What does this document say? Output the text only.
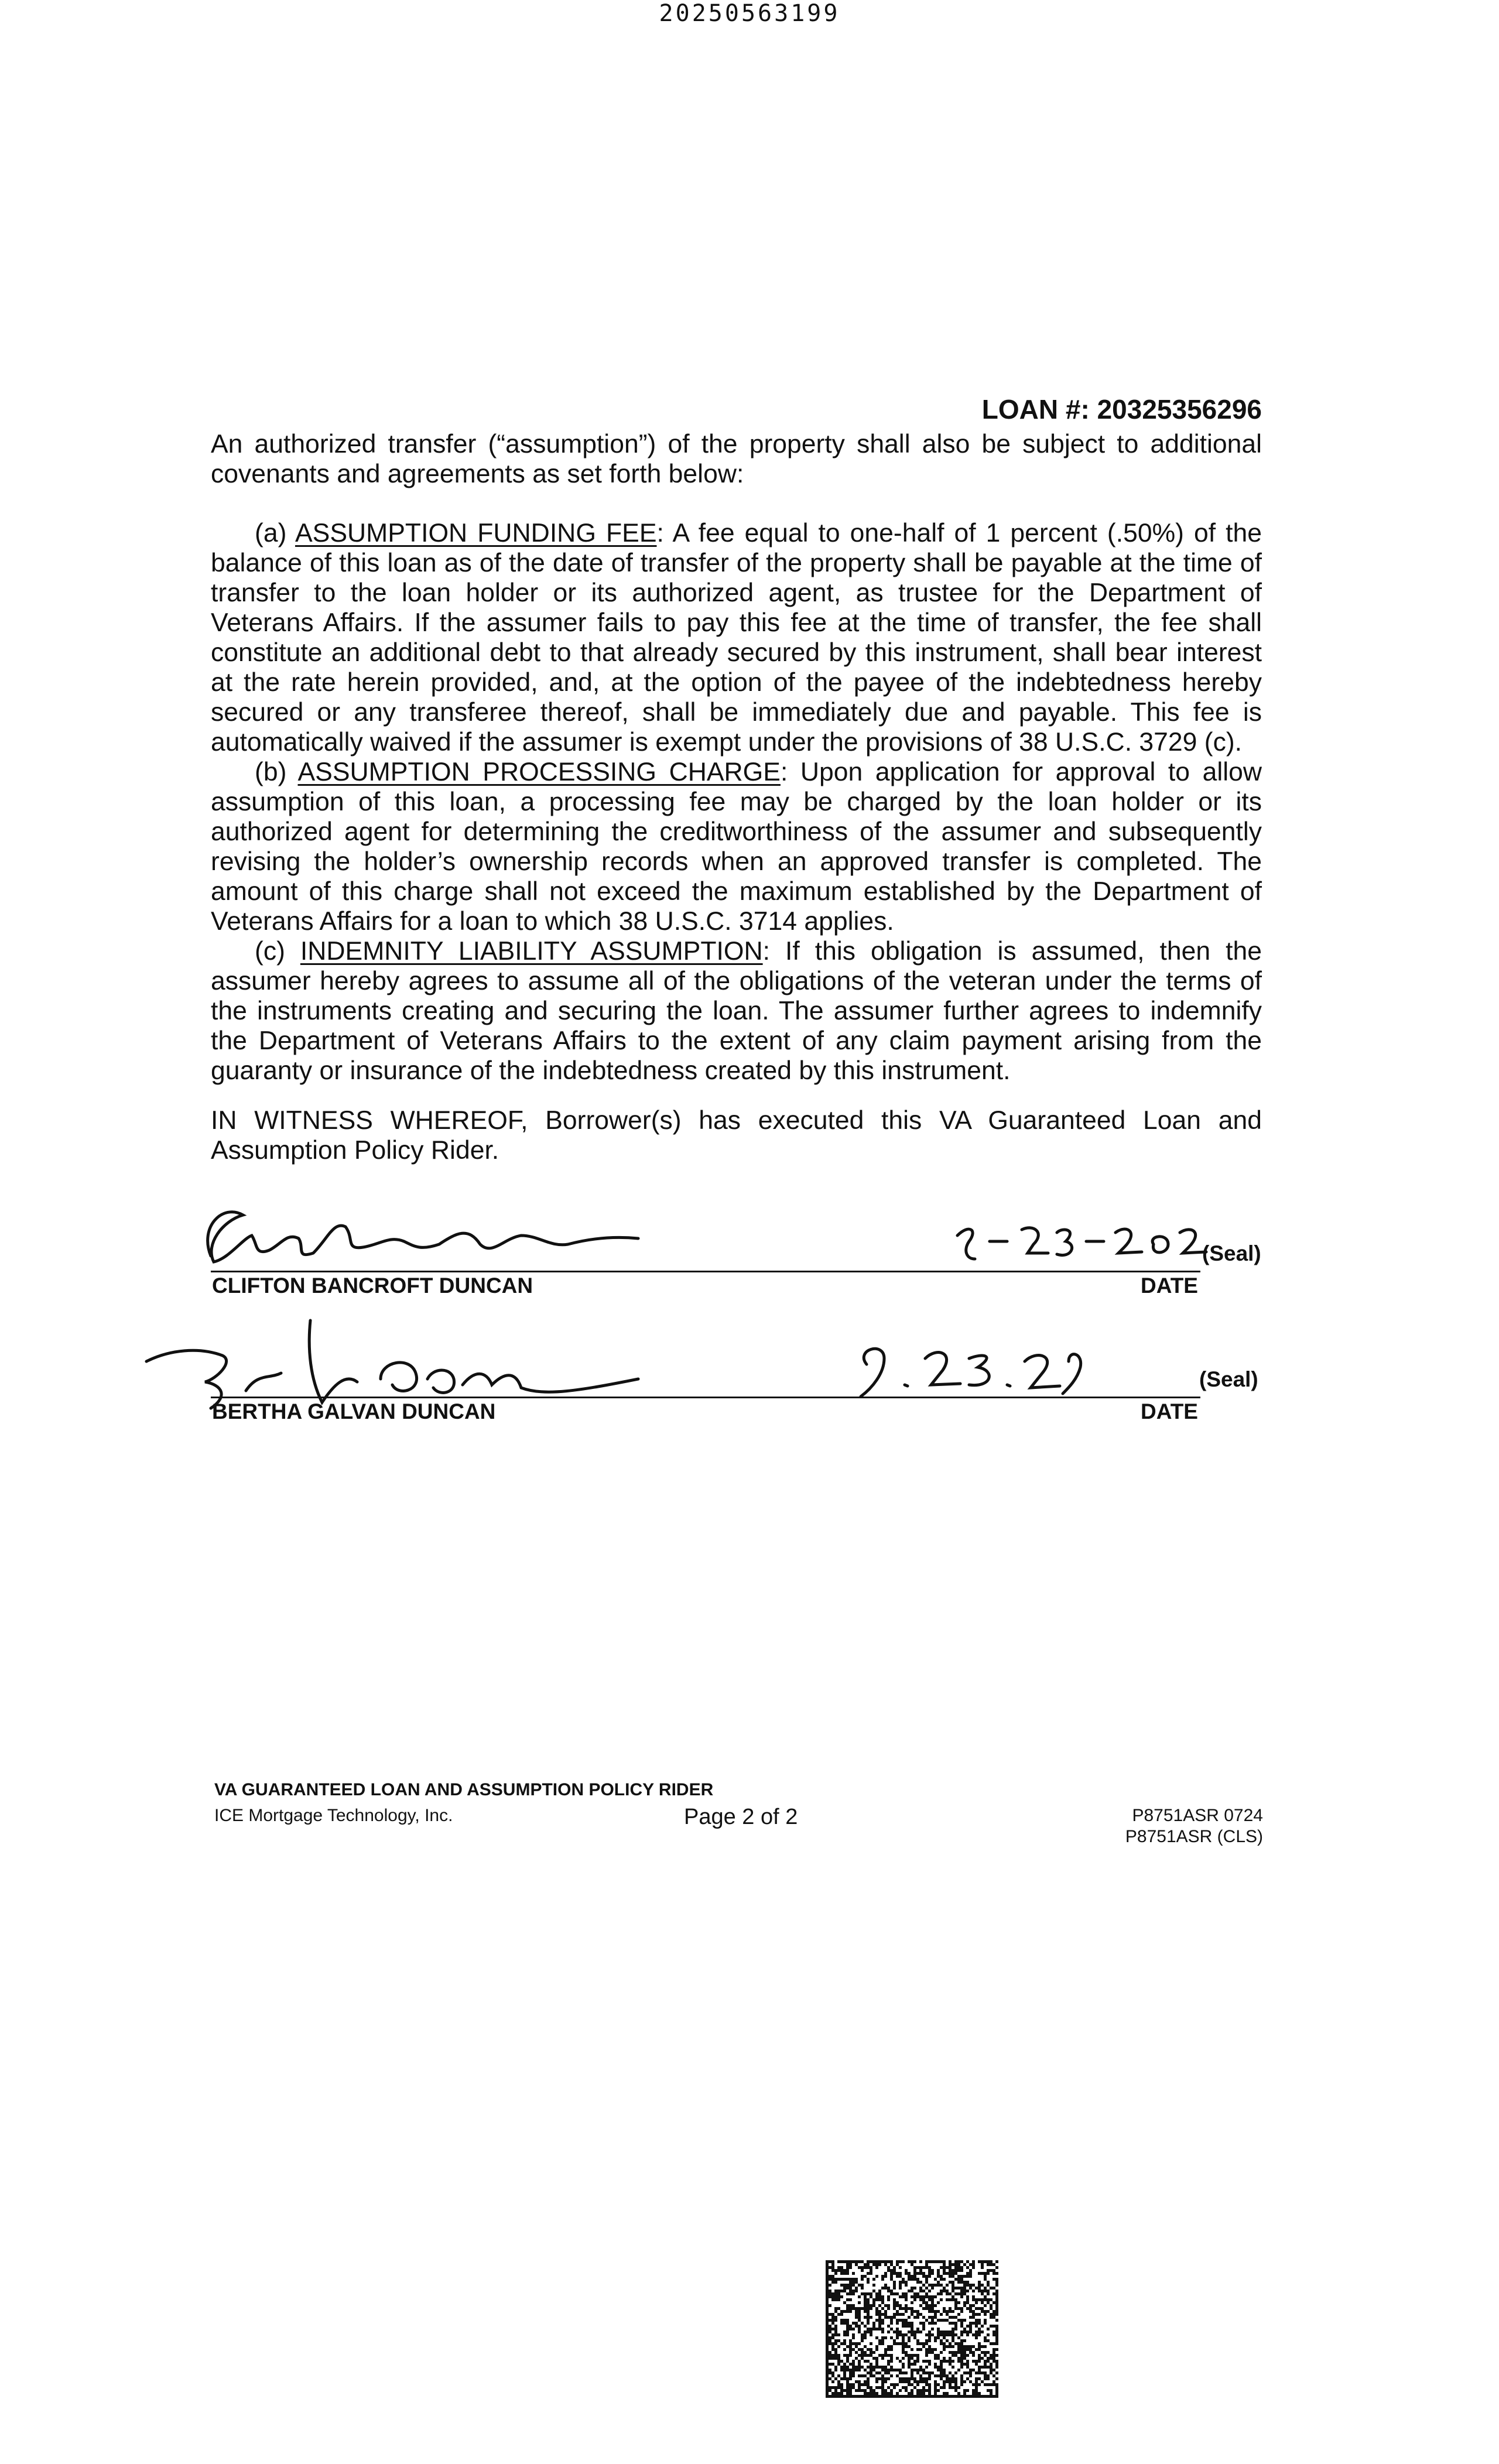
20250563199
LOAN #: 20325356296

An authorized transfer (“assumption”) of the property shall also be subject to additional covenants and agreements as set forth below:

(a) ASSUMPTION FUNDING FEE: A fee equal to one-half of 1 percent (.50%) of the balance of this loan as of the date of transfer of the property shall be payable at the time of transfer to the loan holder or its authorized agent, as trustee for the Department of Veterans Affairs. If the assumer fails to pay this fee at the time of transfer, the fee shall constitute an additional debt to that already secured by this instrument, shall bear interest at the rate herein provided, and, at the option of the payee of the indebtedness hereby secured or any transferee thereof, shall be immediately due and payable. This fee is automatically waived if the assumer is exempt under the provisions of 38 U.S.C. 3729 (c).

(b) ASSUMPTION PROCESSING CHARGE: Upon application for approval to allow assumption of this loan, a processing fee may be charged by the loan holder or its authorized agent for determining the creditworthiness of the assumer and subsequently revising the holder’s ownership records when an approved transfer is completed. The amount of this charge shall not exceed the maximum established by the Department of Veterans Affairs for a loan to which 38 U.S.C. 3714 applies.

(c) INDEMNITY LIABILITY ASSUMPTION: If this obligation is assumed, then the assumer hereby agrees to assume all of the obligations of the veteran under the terms of the instruments creating and securing the loan. The assumer further agrees to indemnify the Department of Veterans Affairs to the extent of any claim payment arising from the guaranty or insurance of the indebtedness created by this instrument.

IN WITNESS WHEREOF, Borrower(s) has executed this VA Guaranteed Loan and Assumption Policy Rider.

(Seal)
CLIFTON BANCROFT DUNCAN	DATE
(Seal)
BERTHA GALVAN DUNCAN	DATE
VA GUARANTEED LOAN AND ASSUMPTION POLICY RIDER
ICE Mortgage Technology, Inc.	Page 2 of 2	P8751ASR 0724
P8751ASR (CLS)
